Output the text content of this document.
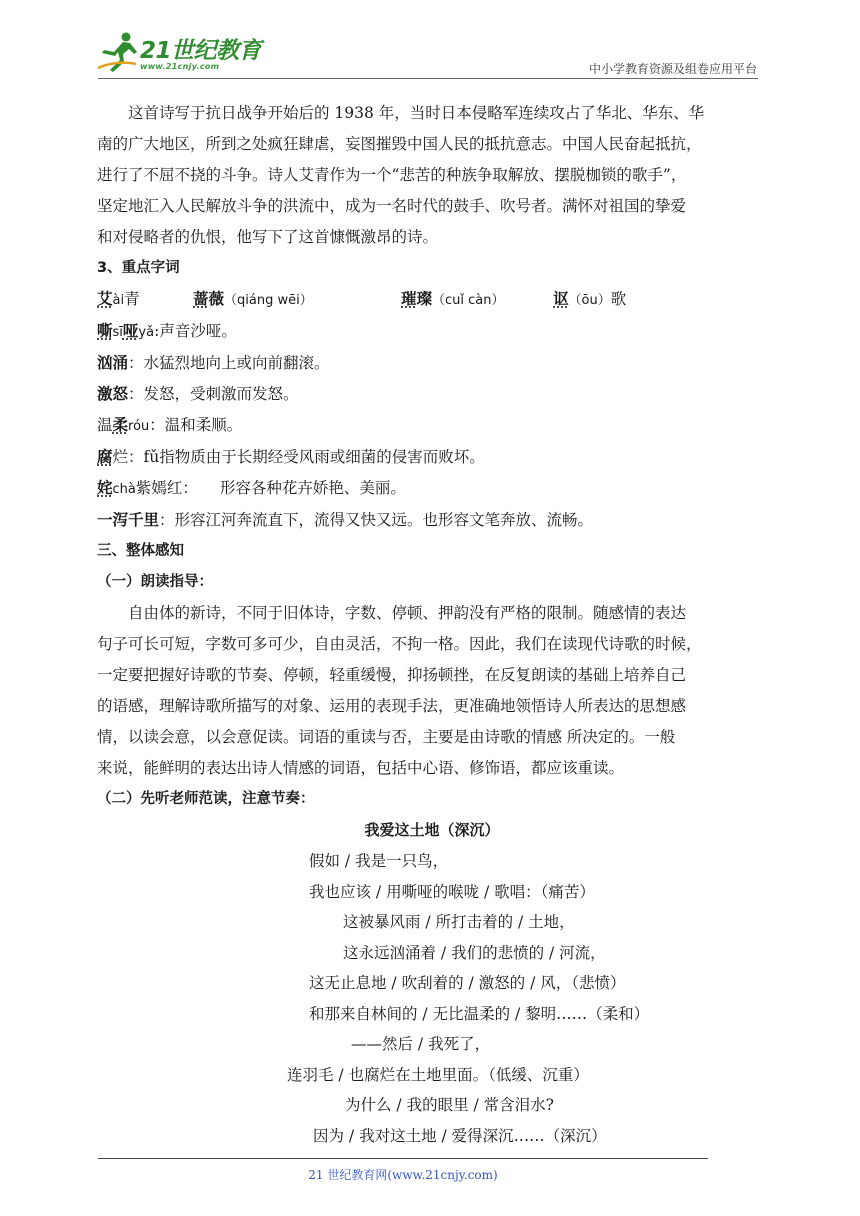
21世纪教育
www.21cnjy.com	中小学教育资源及组卷应用平台

这首诗写于抗日战争开始后的 1938 年，当时日本侵略军连续攻占了华北、华东、华

南的广大地区，所到之处疯狂肆虐，妄图摧毁中国人民的抵抗意志。中国人民奋起抵抗，

进行了不屈不挠的斗争。诗人艾青作为一个“悲苦的种族争取解放、摆脱枷锁的歌手”，

坚定地汇入人民解放斗争的洪流中，成为一名时代的鼓手、吹号者。满怀对祖国的挚爱

和对侵略者的仇恨，他写下了这首慷慨激昂的诗。

3、重点字词

艾ài青	蔷薇（qiáng wēi）	璀璨（cuǐ càn）	讴（ōu）歌

嘶sī哑yǎ:声音沙哑。

汹涌：水猛烈地向上或向前翻滚。

激怒：发怒，受刺激而发怒。

温柔róu：温和柔顺。

腐烂：fǔ指物质由于长期经受风雨或细菌的侵害而败坏。

姹chà紫嫣红： 形容各种花卉娇艳、美丽。

一泻千里：形容江河奔流直下，流得又快又远。也形容文笔奔放、流畅。

三、整体感知

（一）朗读指导：

自由体的新诗，不同于旧体诗，字数、停顿、押韵没有严格的限制。随感情的表达

句子可长可短，字数可多可少，自由灵活，不拘一格。因此，我们在读现代诗歌的时候，

一定要把握好诗歌的节奏、停顿，轻重缓慢，抑扬顿挫，在反复朗读的基础上培养自己

的语感，理解诗歌所描写的对象、运用的表现手法，更准确地领悟诗人所表达的思想感

情，以读会意，以会意促读。词语的重读与否，主要是由诗歌的情感 所决定的。一般

来说，能鲜明的表达出诗人情感的词语，包括中心语、修饰语，都应该重读。

（二）先听老师范读，注意节奏：

我爱这土地（深沉）

假如 / 我是一只鸟，

我也应该 / 用嘶哑的喉咙 / 歌唱：（痛苦）

这被暴风雨 / 所打击着的 / 土地，

这永远汹涌着 / 我们的悲愤的 / 河流，

这无止息地 / 吹刮着的 / 激怒的 / 风，（悲愤）

和那来自林间的 / 无比温柔的 / 黎明……（柔和）

——然后 / 我死了，

连羽毛 / 也腐烂在土地里面。（低缓、沉重）

为什么 / 我的眼里 / 常含泪水?

因为 / 我对这土地 / 爱得深沉……（深沉）

21 世纪教育网(www.21cnjy.com)
